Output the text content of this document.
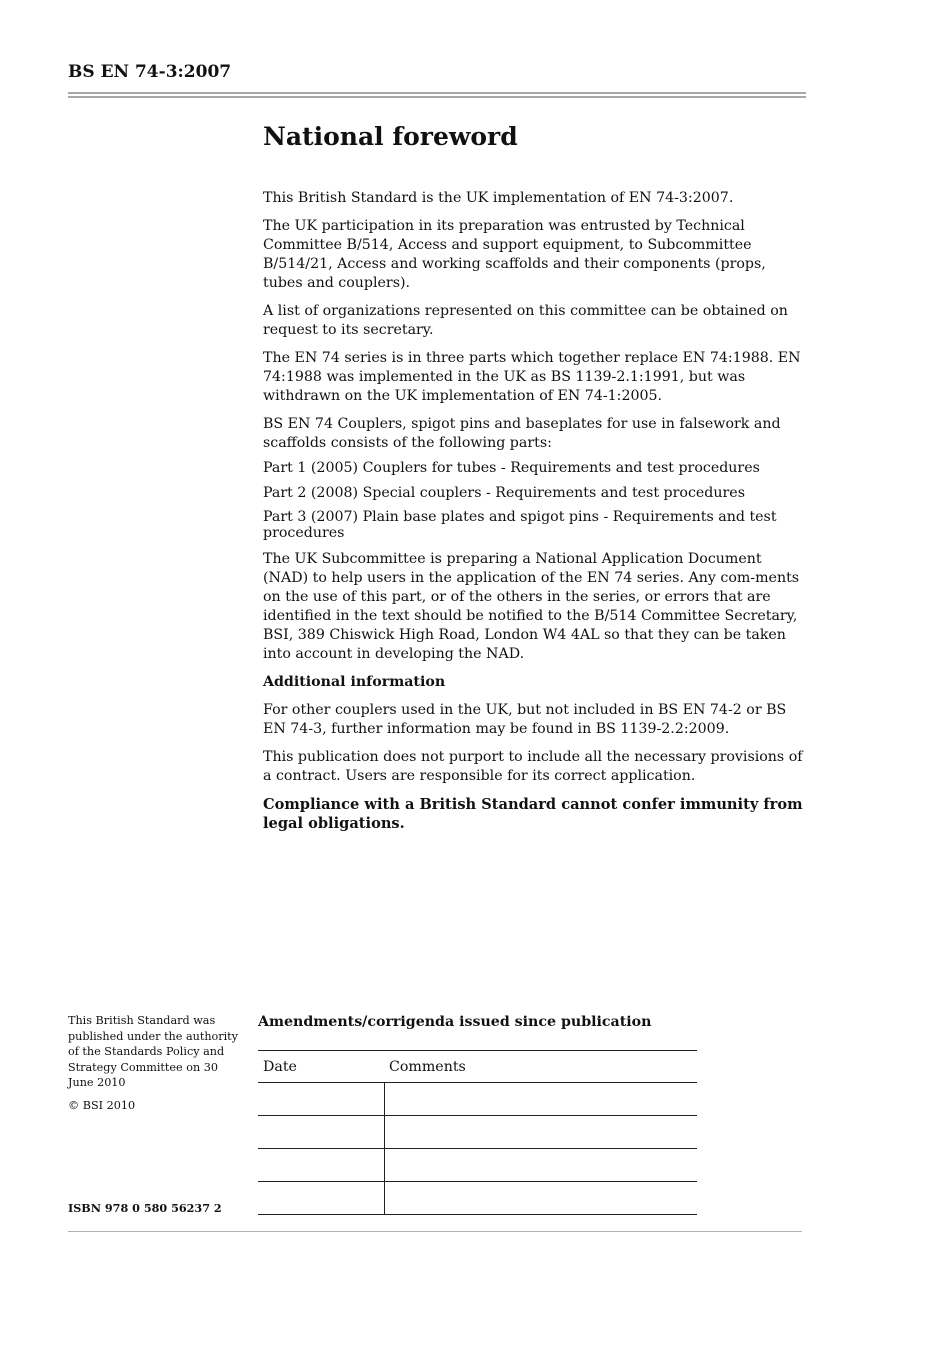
BS EN 74-3:2007
National foreword

This British Standard is the UK implementation of EN 74-3:2007.

The UK participation in its preparation was entrusted by Technical Committee B/514, Access and support equipment, to Subcommittee B/514/21, Access and working scaffolds and their components (props, tubes and couplers).

A list of organizations represented on this committee can be obtained on request to its secretary.

The EN 74 series is in three parts which together replace EN 74:1988. EN 74:1988 was implemented in the UK as BS 1139-2.1:1991, but was withdrawn on the UK implementation of EN 74-1:2005.

BS EN 74 Couplers, spigot pins and baseplates for use in falsework and scaffolds consists of the following parts:

Part 1 (2005) Couplers for tubes - Requirements and test procedures

Part 2 (2008) Special couplers - Requirements and test procedures

Part 3 (2007) Plain base plates and spigot pins - Requirements and test procedures

The UK Subcommittee is preparing a National Application Document (NAD) to help users in the application of the EN 74 series. Any com-ments on the use of this part, or of the others in the series, or errors that are identified in the text should be notified to the B/514 Committee Secretary, BSI, 389 Chiswick High Road, London W4 4AL so that they can be taken into account in developing the NAD.

Additional information

For other couplers used in the UK, but not included in BS EN 74-2 or BS EN 74-3, further information may be found in BS 1139-2.2:2009.

This publication does not purport to include all the necessary provisions of a contract. Users are responsible for its correct application.

Compliance with a British Standard cannot confer immunity from legal obligations.

This British Standard was published under the authority of the Standards Policy and Strategy Committee on 30 June 2010

© BSI 2010

ISBN 978 0 580 56237 2
Amendments/corrigenda issued since publication
Date	Comments
